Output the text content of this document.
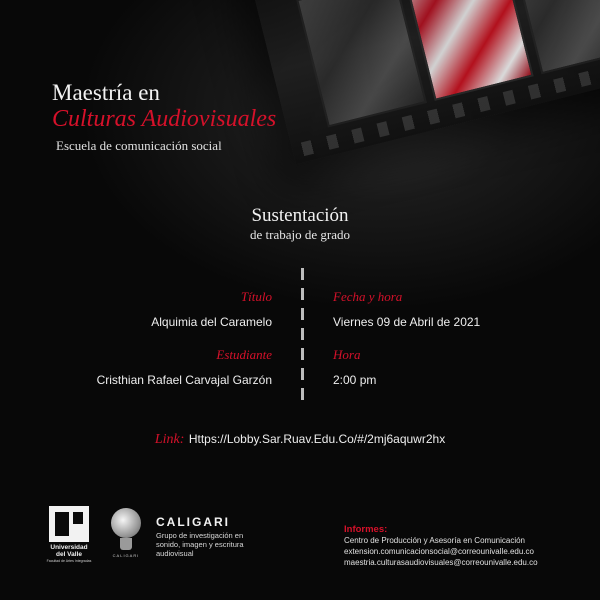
Maestría en
Culturas Audiovisuales
Escuela de comunicación social
Sustentación
de trabajo de grado
Título
Alquimia del Caramelo
Estudiante
Cristhian Rafael Carvajal Garzón
Fecha y hora
Viernes 09 de Abril de 2021
Hora
2:00 pm
Link: Https://Lobby.Sar.Ruav.Edu.Co/#/2mj6aquwr2hx
Universidad del Valle
Facultad de Artes Integradas
CALIGARI
CALIGARI
Grupo de investigación en sonido, imagen y escritura audiovisual
Informes:
Centro de Producción y Asesoría en Comunicación
extension.comunicacionsocial@correounivalle.edu.co
maestria.culturasaudiovisuales@correounivalle.edu.co
